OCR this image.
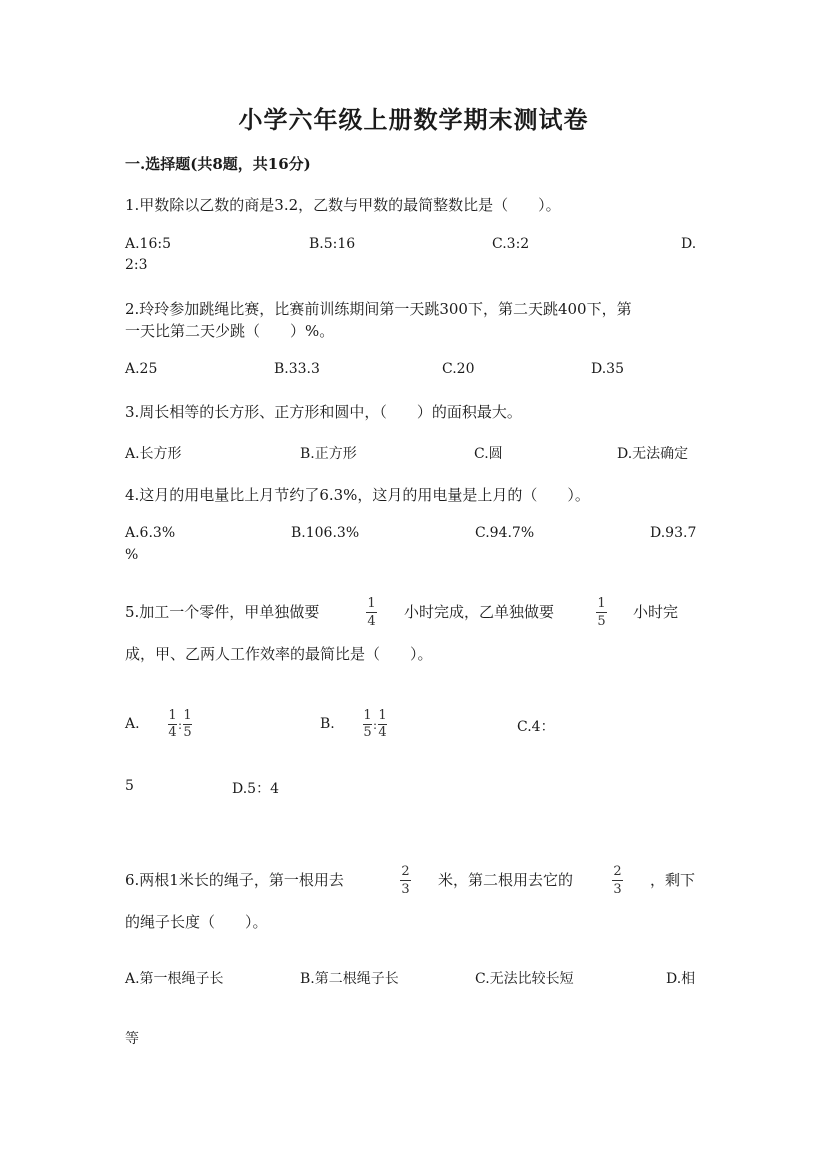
小学六年级上册数学期末测试卷
一.选择题(共8题，共16分)
1.甲数除以乙数的商是3.2，乙数与甲数的最简整数比是（　　）。
A.16:5	B.5:16	C.3:2	D.
2:3
2.玲玲参加跳绳比赛，比赛前训练期间第一天跳300下，第二天跳400下，第
一天比第二天少跳（　　）%。
A.25	B.33.3	C.20	D.35
3.周长相等的长方形、正方形和圆中，（　　）的面积最大。
A.长方形	B.正方形	C.圆	D.无法确定
4.这月的用电量比上月节约了6.3%，这月的用电量是上月的（　　）。
A.6.3%	B.106.3%	C.94.7%	D.93.7
%
5.加工一个零件，甲单独做要	1
4
小时完成，乙单独做要	1
5
小时完
成，甲、乙两人工作效率的最简比是（　　）。
A.
1
4
:
1
5
B.
1
5
:
1
4	C.4：
5	D.5：4
6.两根1米长的绳子，第一根用去	2
3
米，第二根用去它的	2
3
，剩下
的绳子长度（　　）。
A.第一根绳子长	B.第二根绳子长	C.无法比较长短	D.相
等
